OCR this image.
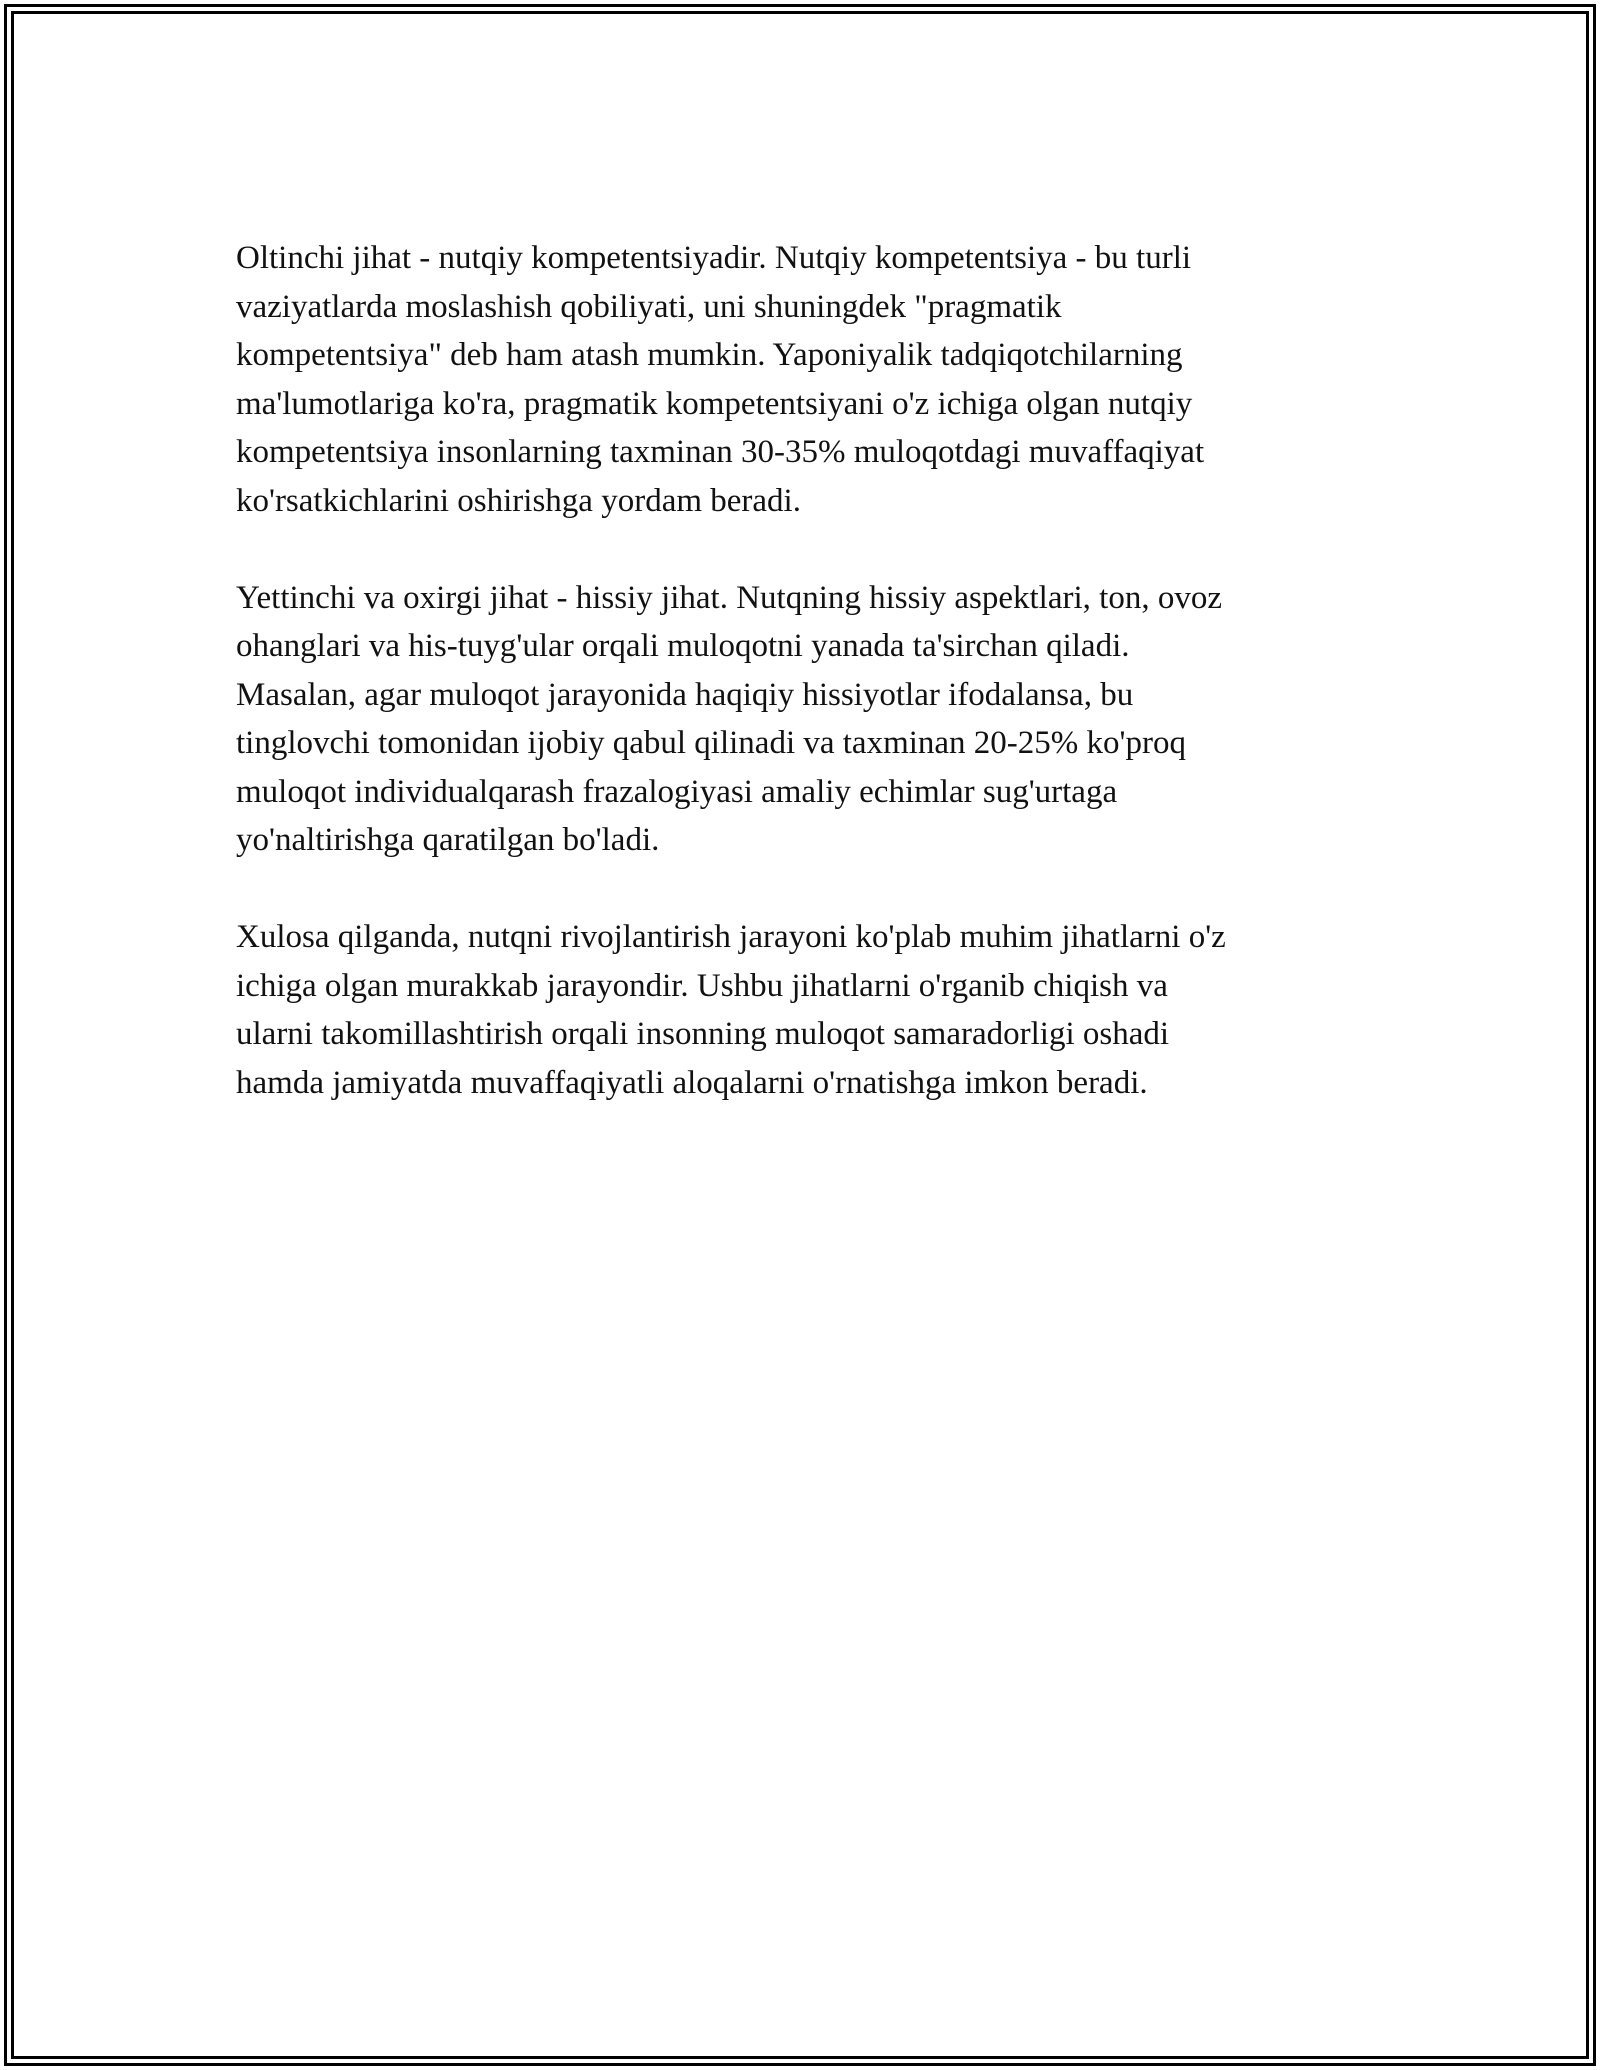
Oltinchi jihat - nutqiy kompetentsiyadir. Nutqiy kompetentsiya - bu turli
vaziyatlarda moslashish qobiliyati, uni shuningdek "pragmatik
kompetentsiya" deb ham atash mumkin. Yaponiyalik tadqiqotchilarning
ma'lumotlariga ko'ra, pragmatik kompetentsiyani o'z ichiga olgan nutqiy
kompetentsiya insonlarning taxminan 30-35% muloqotdagi muvaffaqiyat
ko'rsatkichlarini oshirishga yordam beradi.

Yettinchi va oxirgi jihat - hissiy jihat. Nutqning hissiy aspektlari, ton, ovoz
ohanglari va his-tuyg'ular orqali muloqotni yanada ta'sirchan qiladi.
Masalan, agar muloqot jarayonida haqiqiy hissiyotlar ifodalansa, bu
tinglovchi tomonidan ijobiy qabul qilinadi va taxminan 20-25% ko'proq
muloqot individualqarash frazalogiyasi amaliy echimlar sug'urtaga
yo'naltirishga qaratilgan bo'ladi.

Xulosa qilganda, nutqni rivojlantirish jarayoni ko'plab muhim jihatlarni o'z
ichiga olgan murakkab jarayondir. Ushbu jihatlarni o'rganib chiqish va
ularni takomillashtirish orqali insonning muloqot samaradorligi oshadi
hamda jamiyatda muvaffaqiyatli aloqalarni o'rnatishga imkon beradi.
